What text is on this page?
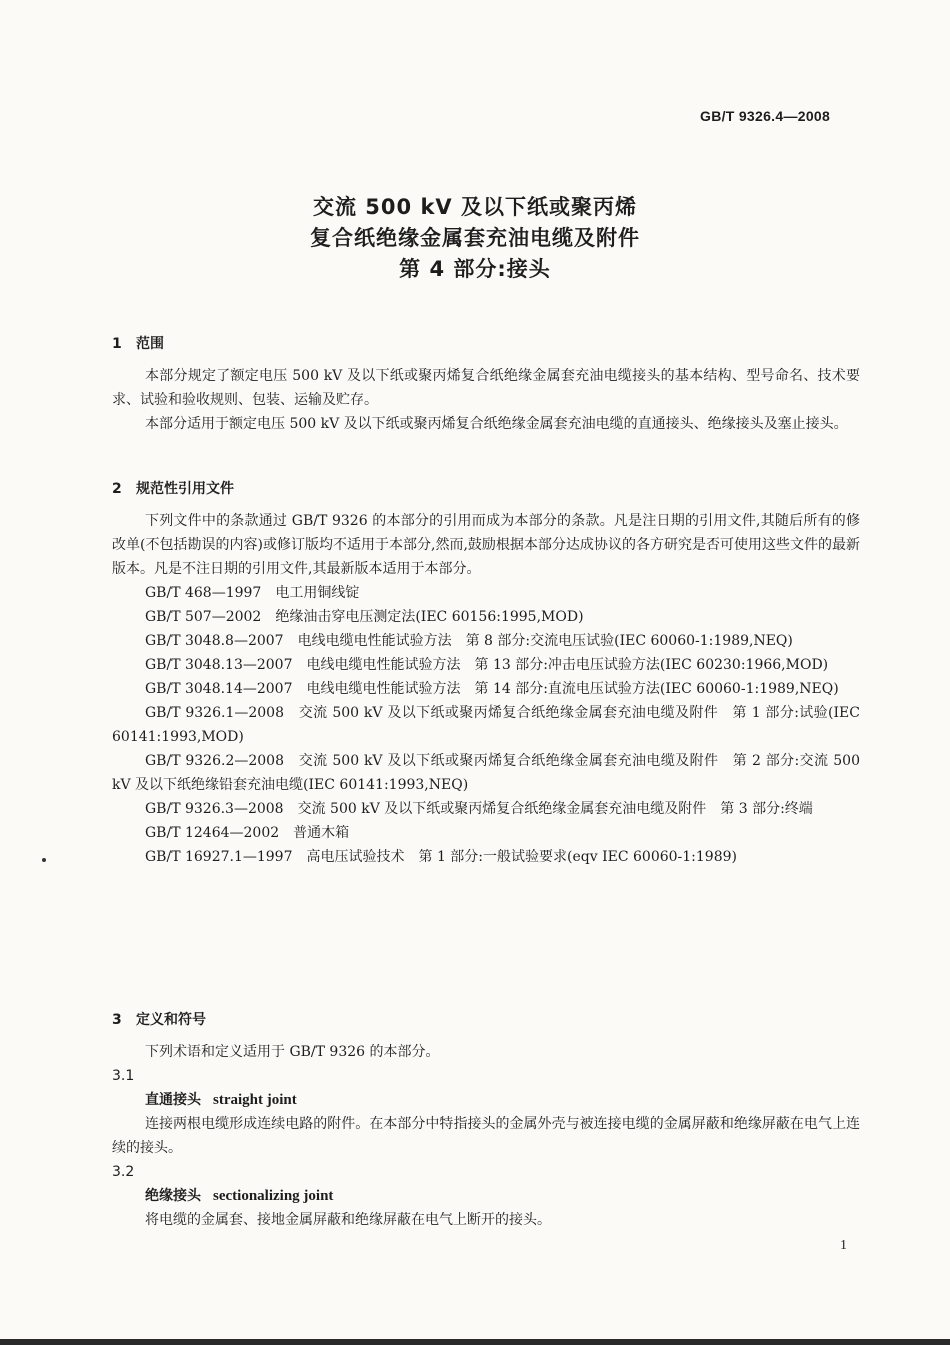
GB/T 9326.4—2008
交流 500 kV 及以下纸或聚丙烯
复合纸绝缘金属套充油电缆及附件
第 4 部分:接头
1 范围

本部分规定了额定电压 500 kV 及以下纸或聚丙烯复合纸绝缘金属套充油电缆接头的基本结构、型号命名、技术要求、试验和验收规则、包装、运输及贮存。

本部分适用于额定电压 500 kV 及以下纸或聚丙烯复合纸绝缘金属套充油电缆的直通接头、绝缘接头及塞止接头。

2 规范性引用文件

下列文件中的条款通过 GB/T 9326 的本部分的引用而成为本部分的条款。凡是注日期的引用文件,其随后所有的修改单(不包括勘误的内容)或修订版均不适用于本部分,然而,鼓励根据本部分达成协议的各方研究是否可使用这些文件的最新版本。凡是不注日期的引用文件,其最新版本适用于本部分。

GB/T 468—1997　电工用铜线锭

GB/T 507—2002　绝缘油击穿电压测定法(IEC 60156:1995,MOD)

GB/T 3048.8—2007　电线电缆电性能试验方法　第 8 部分:交流电压试验(IEC 60060-1:1989,NEQ)

GB/T 3048.13—2007　电线电缆电性能试验方法　第 13 部分:冲击电压试验方法(IEC 60230:1966,MOD)

GB/T 3048.14—2007　电线电缆电性能试验方法　第 14 部分:直流电压试验方法(IEC 60060-1:1989,NEQ)

GB/T 9326.1—2008　交流 500 kV 及以下纸或聚丙烯复合纸绝缘金属套充油电缆及附件　第 1 部分:试验(IEC 60141:1993,MOD)

GB/T 9326.2—2008　交流 500 kV 及以下纸或聚丙烯复合纸绝缘金属套充油电缆及附件　第 2 部分:交流 500 kV 及以下纸绝缘铅套充油电缆(IEC 60141:1993,NEQ)

GB/T 9326.3—2008　交流 500 kV 及以下纸或聚丙烯复合纸绝缘金属套充油电缆及附件　第 3 部分:终端

GB/T 12464—2002　普通木箱

GB/T 16927.1—1997　高电压试验技术　第 1 部分:一般试验要求(eqv IEC 60060-1:1989)

3 定义和符号

下列术语和定义适用于 GB/T 9326 的本部分。

3.1

直通接头 straight joint

连接两根电缆形成连续电路的附件。在本部分中特指接头的金属外壳与被连接电缆的金属屏蔽和绝缘屏蔽在电气上连续的接头。

3.2

绝缘接头 sectionalizing joint

将电缆的金属套、接地金属屏蔽和绝缘屏蔽在电气上断开的接头。

1
